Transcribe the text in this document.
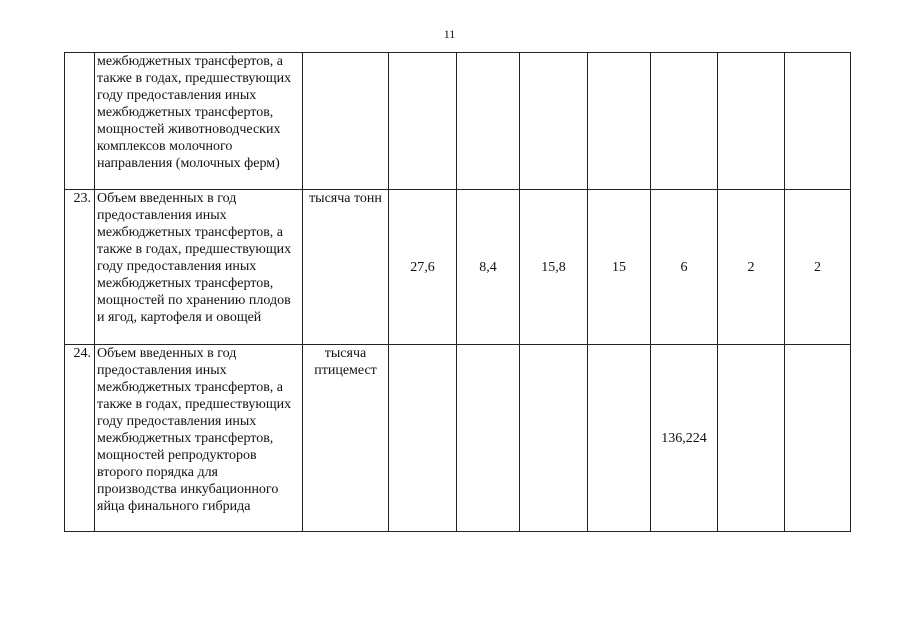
11
	межбюджетных трансфертов, а также в годах, предшествующих году предоставления иных межбюджетных трансфертов, мощностей животноводческих комплексов молочного направления (молочных ферм)								
23.	Объем введенных в год предоставления иных межбюджетных трансфертов, а также в годах, предшествующих году предоставления иных межбюджетных трансфертов, мощностей по хранению плодов и ягод, картофеля и овощей	тысяча тонн	27,6	8,4	15,8	15	6	2	2
24.	Объем введенных в год предоставления иных межбюджетных трансфертов, а также в годах, предшествующих году предоставления иных межбюджетных трансфертов, мощностей репродукторов второго порядка для производства инкубационного яйца финального гибрида	тысяча птицемест					136,224		
